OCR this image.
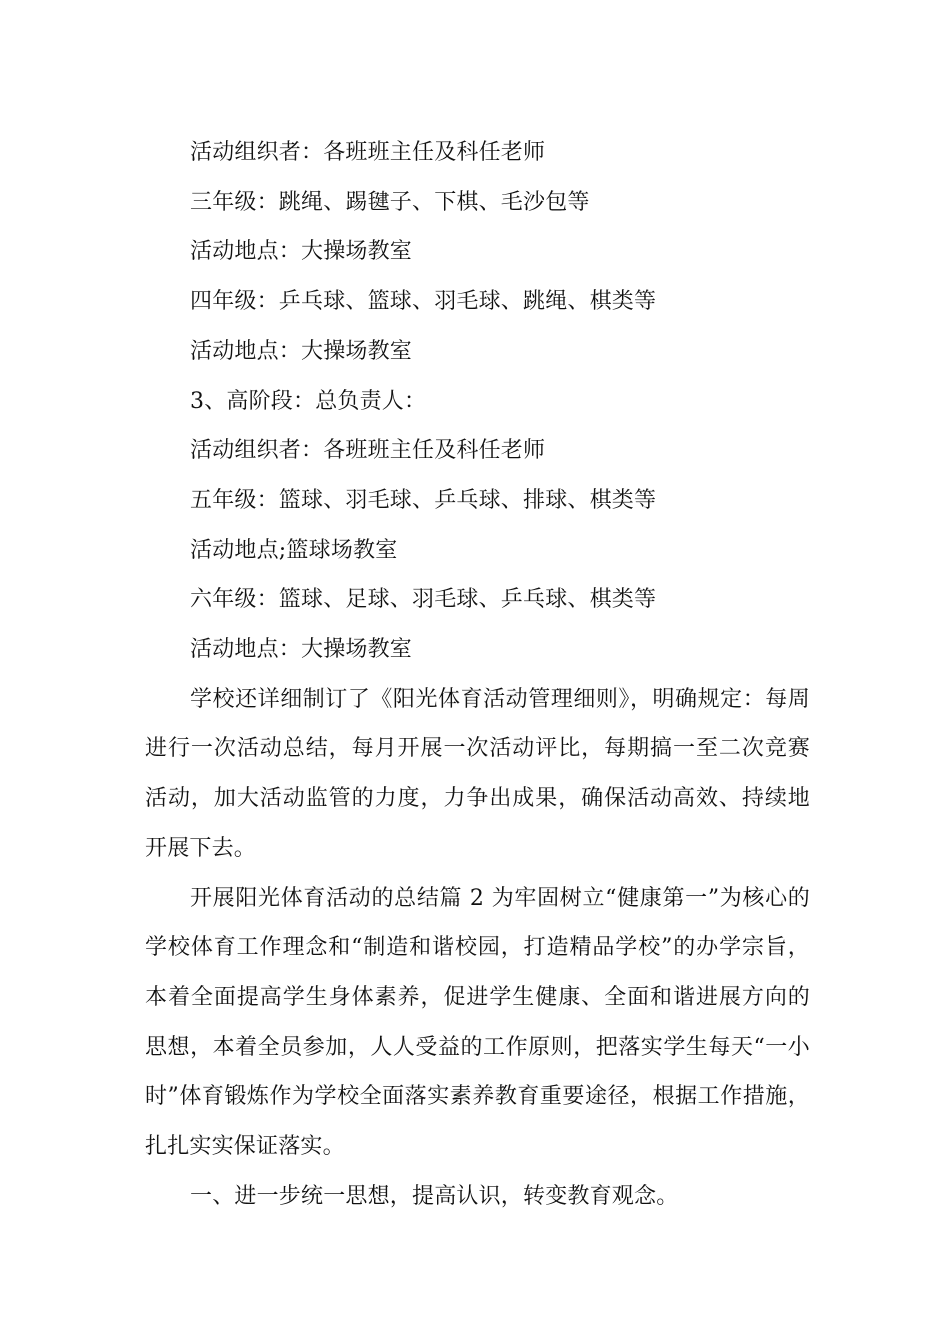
活动组织者：各班班主任及科任老师
三年级：跳绳、踢毽子、下棋、毛沙包等
活动地点：大操场教室
四年级：乒乓球、篮球、羽毛球、跳绳、棋类等
活动地点：大操场教室
3、高阶段：总负责人：
活动组织者：各班班主任及科任老师
五年级：篮球、羽毛球、乒乓球、排球、棋类等
活动地点;篮球场教室
六年级：篮球、足球、羽毛球、乒乓球、棋类等
活动地点：大操场教室
学校还详细制订了《阳光体育活动管理细则》，明确规定：每周进行一次活动总结，每月开展一次活动评比，每期搞一至二次竞赛活动，加大活动监管的力度，力争出成果，确保活动高效、持续地开展下去。
开展阳光体育活动的总结篇 2 为牢固树立“健康第一”为核心的学校体育工作理念和“制造和谐校园，打造精品学校”的办学宗旨，本着全面提高学生身体素养，促进学生健康、全面和谐进展方向的思想，本着全员参加，人人受益的工作原则，把落实学生每天“一小时”体育锻炼作为学校全面落实素养教育重要途径，根据工作措施，扎扎实实保证落实。
一、进一步统一思想，提高认识，转变教育观念。
